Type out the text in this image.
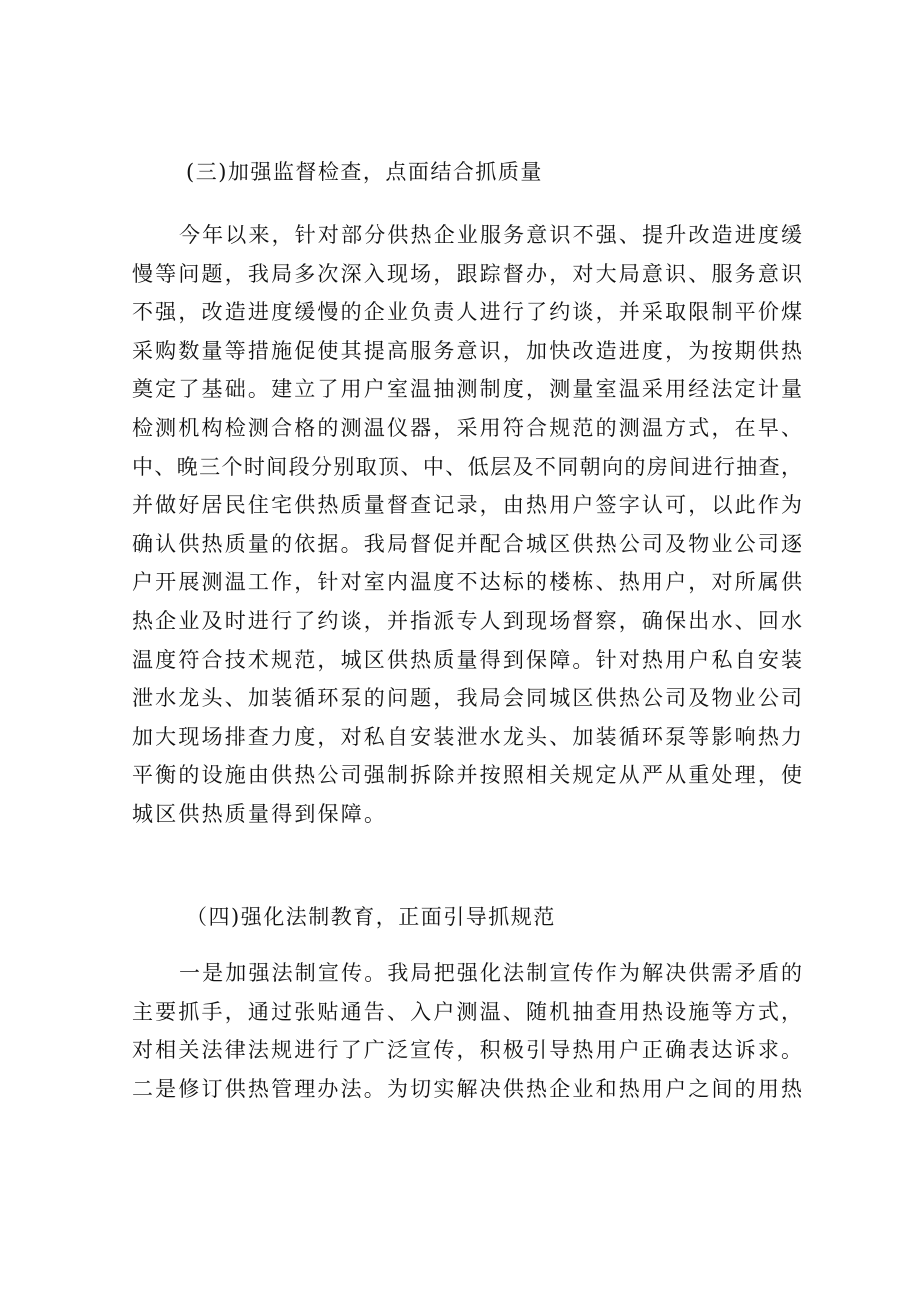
(三)加强监督检查，点面结合抓质量
今年以来，针对部分供热企业服务意识不强、提升改造进度缓
慢等问题，我局多次深入现场，跟踪督办，对大局意识、服务意识
不强，改造进度缓慢的企业负责人进行了约谈，并采取限制平价煤
采购数量等措施促使其提高服务意识，加快改造进度，为按期供热
奠定了基础。建立了用户室温抽测制度，测量室温采用经法定计量
检测机构检测合格的测温仪器，采用符合规范的测温方式，在早、
中、晚三个时间段分别取顶、中、低层及不同朝向的房间进行抽查，
并做好居民住宅供热质量督查记录，由热用户签字认可，以此作为
确认供热质量的依据。我局督促并配合城区供热公司及物业公司逐
户开展测温工作，针对室内温度不达标的楼栋、热用户，对所属供
热企业及时进行了约谈，并指派专人到现场督察，确保出水、回水
温度符合技术规范，城区供热质量得到保障。针对热用户私自安装
泄水龙头、加装循环泵的问题，我局会同城区供热公司及物业公司
加大现场排查力度，对私自安装泄水龙头、加装循环泵等影响热力
平衡的设施由供热公司强制拆除并按照相关规定从严从重处理，使
城区供热质量得到保障。
（四)强化法制教育，正面引导抓规范
一是加强法制宣传。我局把强化法制宣传作为解决供需矛盾的
主要抓手，通过张贴通告、入户测温、随机抽查用热设施等方式，
对相关法律法规进行了广泛宣传，积极引导热用户正确表达诉求。
二是修订供热管理办法。为切实解决供热企业和热用户之间的用热
